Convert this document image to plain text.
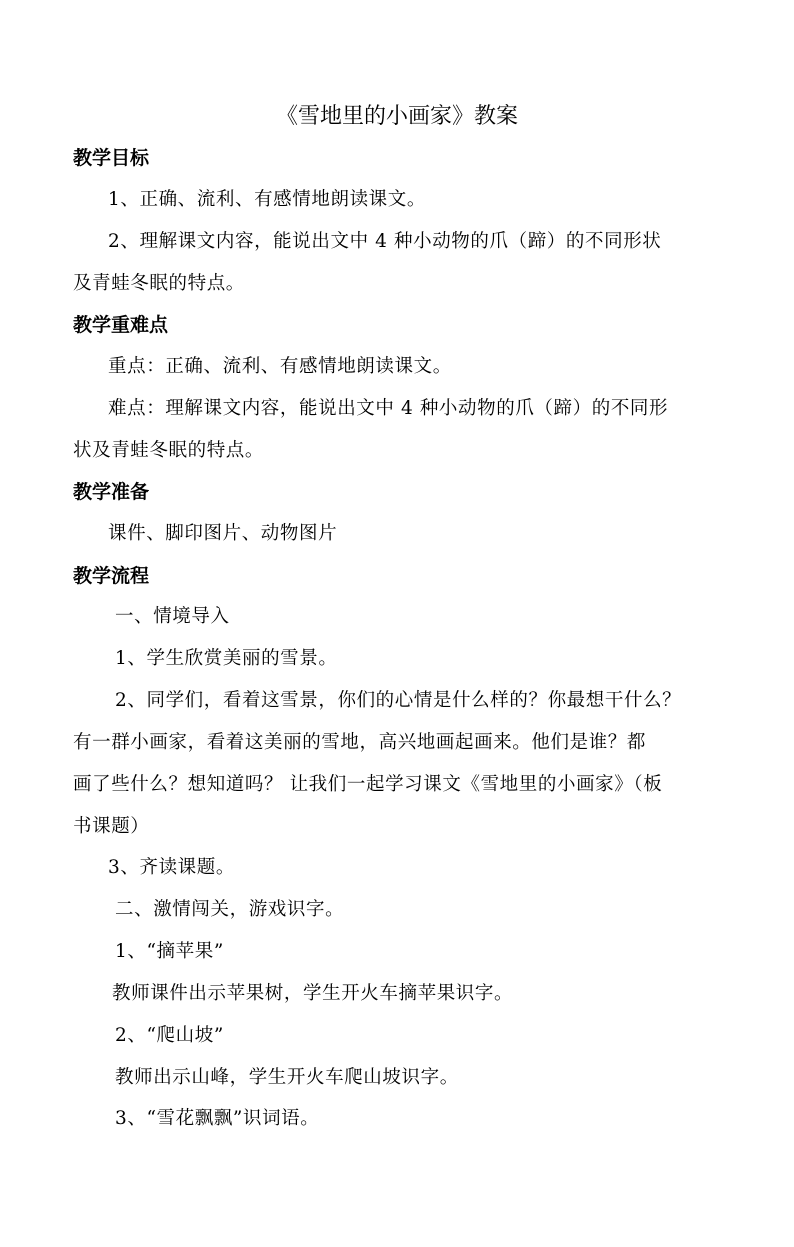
《雪地里的小画家》教案
教学目标
1、正确、流利、有感情地朗读课文。
2、理解课文内容，能说出文中 4 种小动物的爪（蹄）的不同形状
及青蛙冬眠的特点。
教学重难点
重点：正确、流利、有感情地朗读课文。
难点：理解课文内容，能说出文中 4 种小动物的爪（蹄）的不同形
状及青蛙冬眠的特点。
教学准备
课件、脚印图片、动物图片
教学流程
一、情境导入
1、学生欣赏美丽的雪景。
2、同学们，看着这雪景，你们的心情是什么样的？你最想干什么？
有一群小画家，看着这美丽的雪地，高兴地画起画来。他们是谁？都
画了些什么？想知道吗？ 让我们一起学习课文《雪地里的小画家》（板
书课题）
3、齐读课题。
二、激情闯关，游戏识字。
1、“摘苹果”
教师课件出示苹果树，学生开火车摘苹果识字。
2、“爬山坡”
教师出示山峰，学生开火车爬山坡识字。
3、“雪花飘飘”识词语。
